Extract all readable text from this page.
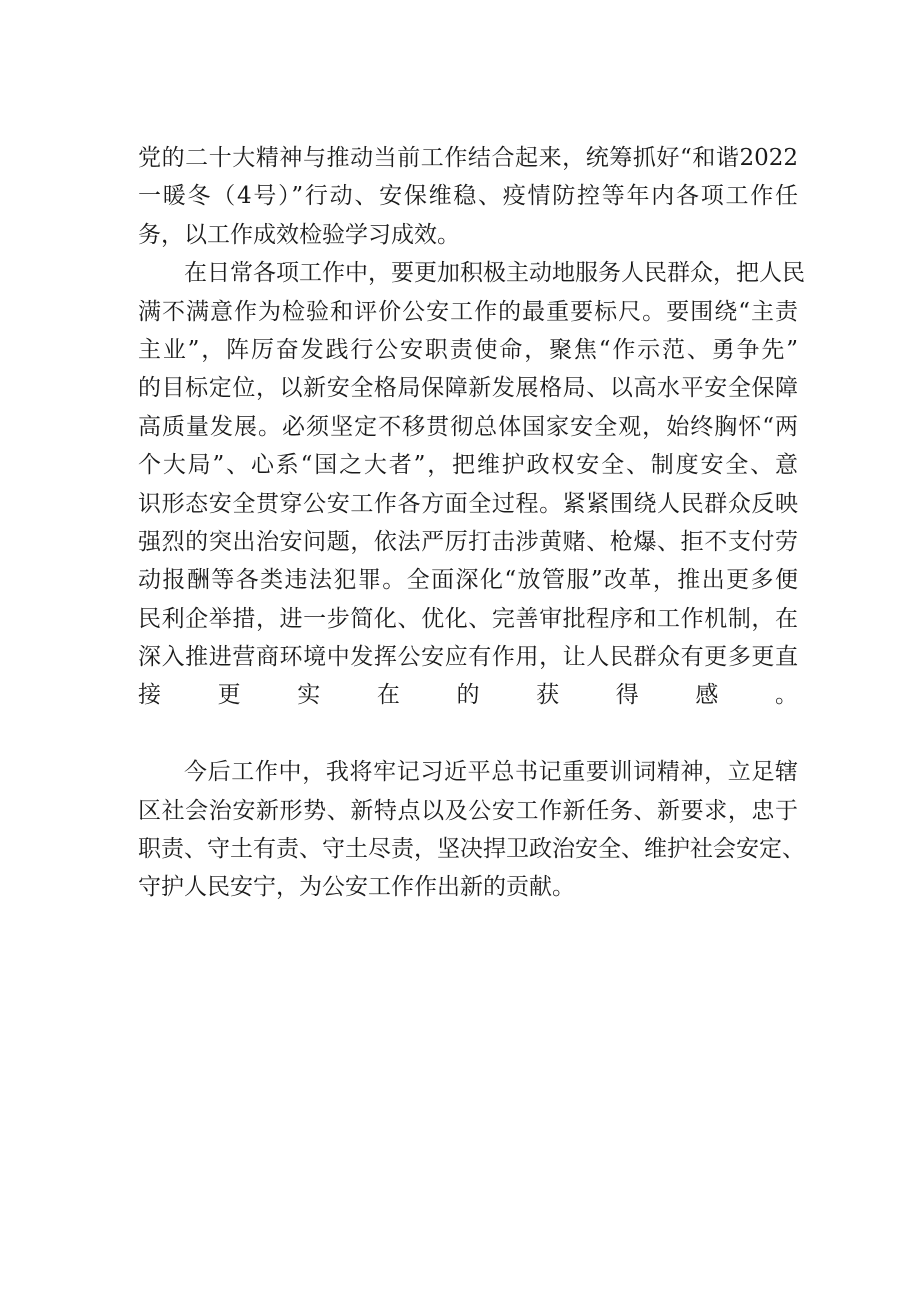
党的二十大精神与推动当前工作结合起来，统筹抓好“和谐2022
一暖冬（4号）”行动、安保维稳、疫情防控等年内各项工作任
务，以工作成效检验学习成效。
在日常各项工作中，要更加积极主动地服务人民群众，把人民
满不满意作为检验和评价公安工作的最重要标尺。要围绕“主责
主业”，阵厉奋发践行公安职责使命，聚焦“作示范、勇争先”
的目标定位，以新安全格局保障新发展格局、以高水平安全保障
高质量发展。必须坚定不移贯彻总体国家安全观，始终胸怀“两
个大局”、心系“国之大者”，把维护政权安全、制度安全、意
识形态安全贯穿公安工作各方面全过程。紧紧围绕人民群众反映
强烈的突出治安问题，依法严厉打击涉黄赌、枪爆、拒不支付劳
动报酬等各类违法犯罪。全面深化“放管服”改革，推出更多便
民利企举措，进一步简化、优化、完善审批程序和工作机制，在
深入推进营商环境中发挥公安应有作用，让人民群众有更多更直
接更实在的获得感。
今后工作中，我将牢记习近平总书记重要训词精神，立足辖
区社会治安新形势、新特点以及公安工作新任务、新要求，忠于
职责、守土有责、守土尽责，坚决捍卫政治安全、维护社会安定、
守护人民安宁，为公安工作作出新的贡献。
